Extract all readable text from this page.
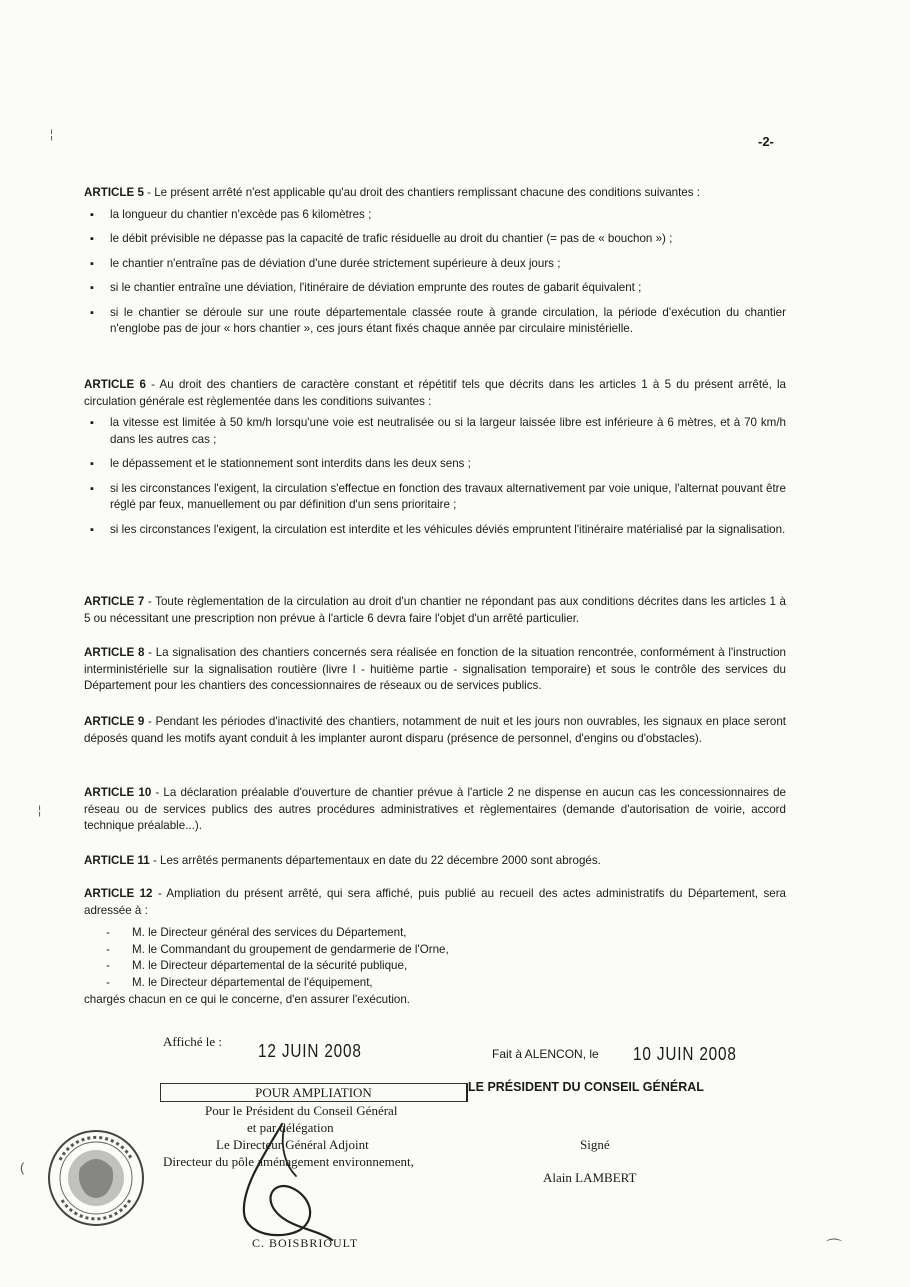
¦
¦
-2-
ARTICLE 5 - Le présent arrêté n'est applicable qu'au droit des chantiers remplissant chacune des conditions suivantes :
▪ la longueur du chantier n'excède pas 6 kilomètres ;
▪ le débit prévisible ne dépasse pas la capacité de trafic résiduelle au droit du chantier (= pas de « bouchon ») ;
▪ le chantier n'entraîne pas de déviation d'une durée strictement supérieure à deux jours ;
▪ si le chantier entraîne une déviation, l'itinéraire de déviation emprunte des routes de gabarit équivalent ;
▪ si le chantier se déroule sur une route départementale classée route à grande circulation, la période d'exécution du chantier n'englobe pas de jour « hors chantier », ces jours étant fixés chaque année par circulaire ministérielle.
ARTICLE 6 - Au droit des chantiers de caractère constant et répétitif tels que décrits dans les articles 1 à 5 du présent arrêté, la circulation générale est règlementée dans les conditions suivantes :
▪ la vitesse est limitée à 50 km/h lorsqu'une voie est neutralisée ou si la largeur laissée libre est inférieure à 6 mètres, et à 70 km/h dans les autres cas ;
▪ le dépassement et le stationnement sont interdits dans les deux sens ;
▪ si les circonstances l'exigent, la circulation s'effectue en fonction des travaux alternativement par voie unique, l'alternat pouvant être réglé par feux, manuellement ou par définition d'un sens prioritaire ;
▪ si les circonstances l'exigent, la circulation est interdite et les véhicules déviés empruntent l'itinéraire matérialisé par la signalisation.
ARTICLE 7 - Toute règlementation de la circulation au droit d'un chantier ne répondant pas aux conditions décrites dans les articles 1 à 5 ou nécessitant une prescription non prévue à l'article 6 devra faire l'objet d'un arrêté particulier.
ARTICLE 8 - La signalisation des chantiers concernés sera réalisée en fonction de la situation rencontrée, conformément à l'instruction interministérielle sur la signalisation routière (livre I - huitième partie - signalisation temporaire) et sous le contrôle des services du Département pour les chantiers des concessionnaires de réseaux ou de services publics.
ARTICLE 9 - Pendant les périodes d'inactivité des chantiers, notamment de nuit et les jours non ouvrables, les signaux en place seront déposés quand les motifs ayant conduit à les implanter auront disparu (présence de personnel, d'engins ou d'obstacles).
ARTICLE 10 - La déclaration préalable d'ouverture de chantier prévue à l'article 2 ne dispense en aucun cas les concessionnaires de réseau ou de services publics des autres procédures administratives et règlementaires (demande d'autorisation de voirie, accord technique préalable...).
ARTICLE 11 - Les arrêtés permanents départementaux en date du 22 décembre 2000 sont abrogés.
ARTICLE 12 - Ampliation du présent arrêté, qui sera affiché, puis publié au recueil des actes administratifs du Département, sera adressée à :
- M. le Directeur général des services du Département,
- M. le Commandant du groupement de gendarmerie de l'Orne,
- M. le Directeur départemental de la sécurité publique,
- M. le Directeur départemental de l'équipement,
chargés chacun en ce qui le concerne, d'en assurer l'exécution.
Affiché le : 12 JUIN 2008	Fait à ALENCON, le 10 JUIN 2008
POUR AMPLIATION	LE PRÉSIDENT DU CONSEIL GÉNÉRAL
Pour le Président du Conseil Général
et par délégation
Le Directeur Général Adjoint
Directeur du pôle aménagement environnement,
Signé
Alain LAMBERT
C. BOISBRIOULT	⌒
(
